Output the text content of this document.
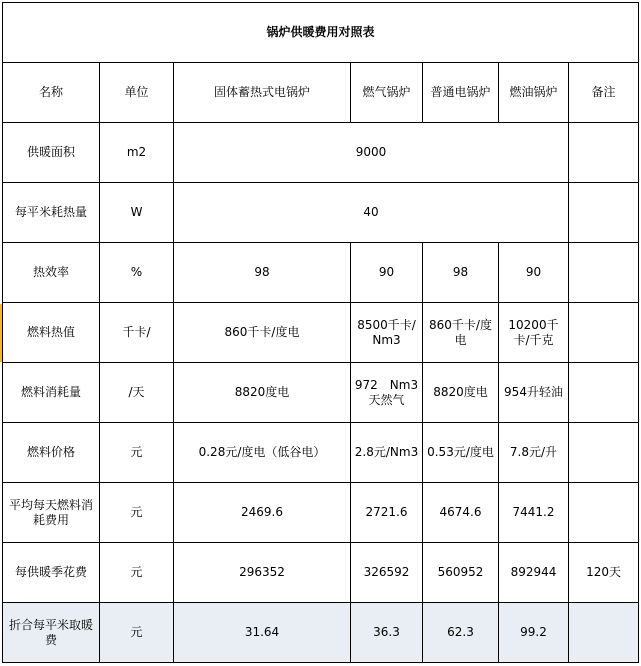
锅炉供暖费用对照表						
名称	单位	固体蓄热式电锅炉	燃气锅炉	普通电锅炉	燃油锅炉	备注
供暖面积	m2	9000				
每平米耗热量	W	40				
热效率	%	98	90	98	90	
燃料热值	千卡/	860千卡/度电	8500千卡/Nm3	860千卡/度电	10200千卡/千克	
燃料消耗量	/天	8820度电	972　Nm3天然气	8820度电	954升轻油	
燃料价格	元	0.28元/度电（低谷电）	2.8元/Nm3	0.53元/度电	7.8元/升	
平均每天燃料消耗费用	元	2469.6	2721.6	4674.6	7441.2	
每供暖季花费	元	296352	326592	560952	892944	120天
折合每平米取暖费	元	31.64	36.3	62.3	99.2	
